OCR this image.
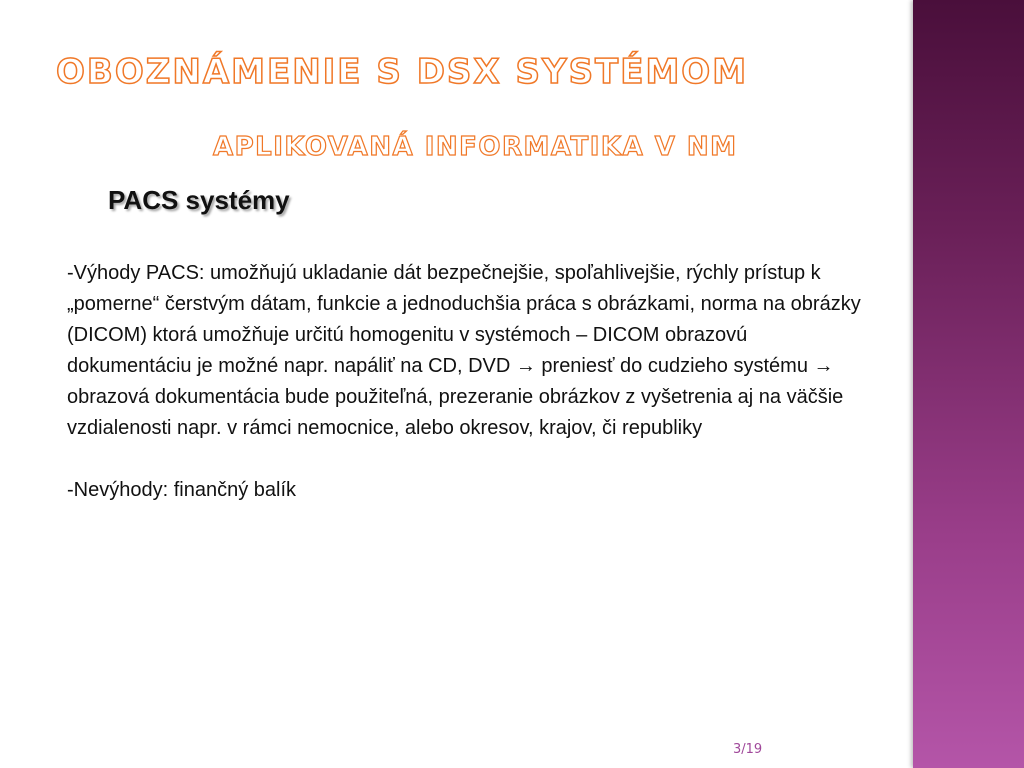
OBOZNÁMENIE S DSX SYSTÉMOM
APLIKOVANÁ INFORMATIKA V NM
PACS systémy

-Výhody PACS: umožňujú ukladanie dát bezpečnejšie, spoľahlivejšie, rýchly prístup k „pomerne“ čerstvým dátam, funkcie a jednoduchšia práca s obrázkami, norma na obrázky (DICOM) ktorá umožňuje určitú homogenitu v systémoch – DICOM obrazovú dokumentáciu je možné napr. napáliť na CD, DVD → preniesť do cudzieho systému → obrazová dokumentácia bude použiteľná, prezeranie obrázkov z vyšetrenia aj na väčšie vzdialenosti napr. v rámci nemocnice, alebo okresov, krajov, či republiky

-Nevýhody: finančný balík

3/19
